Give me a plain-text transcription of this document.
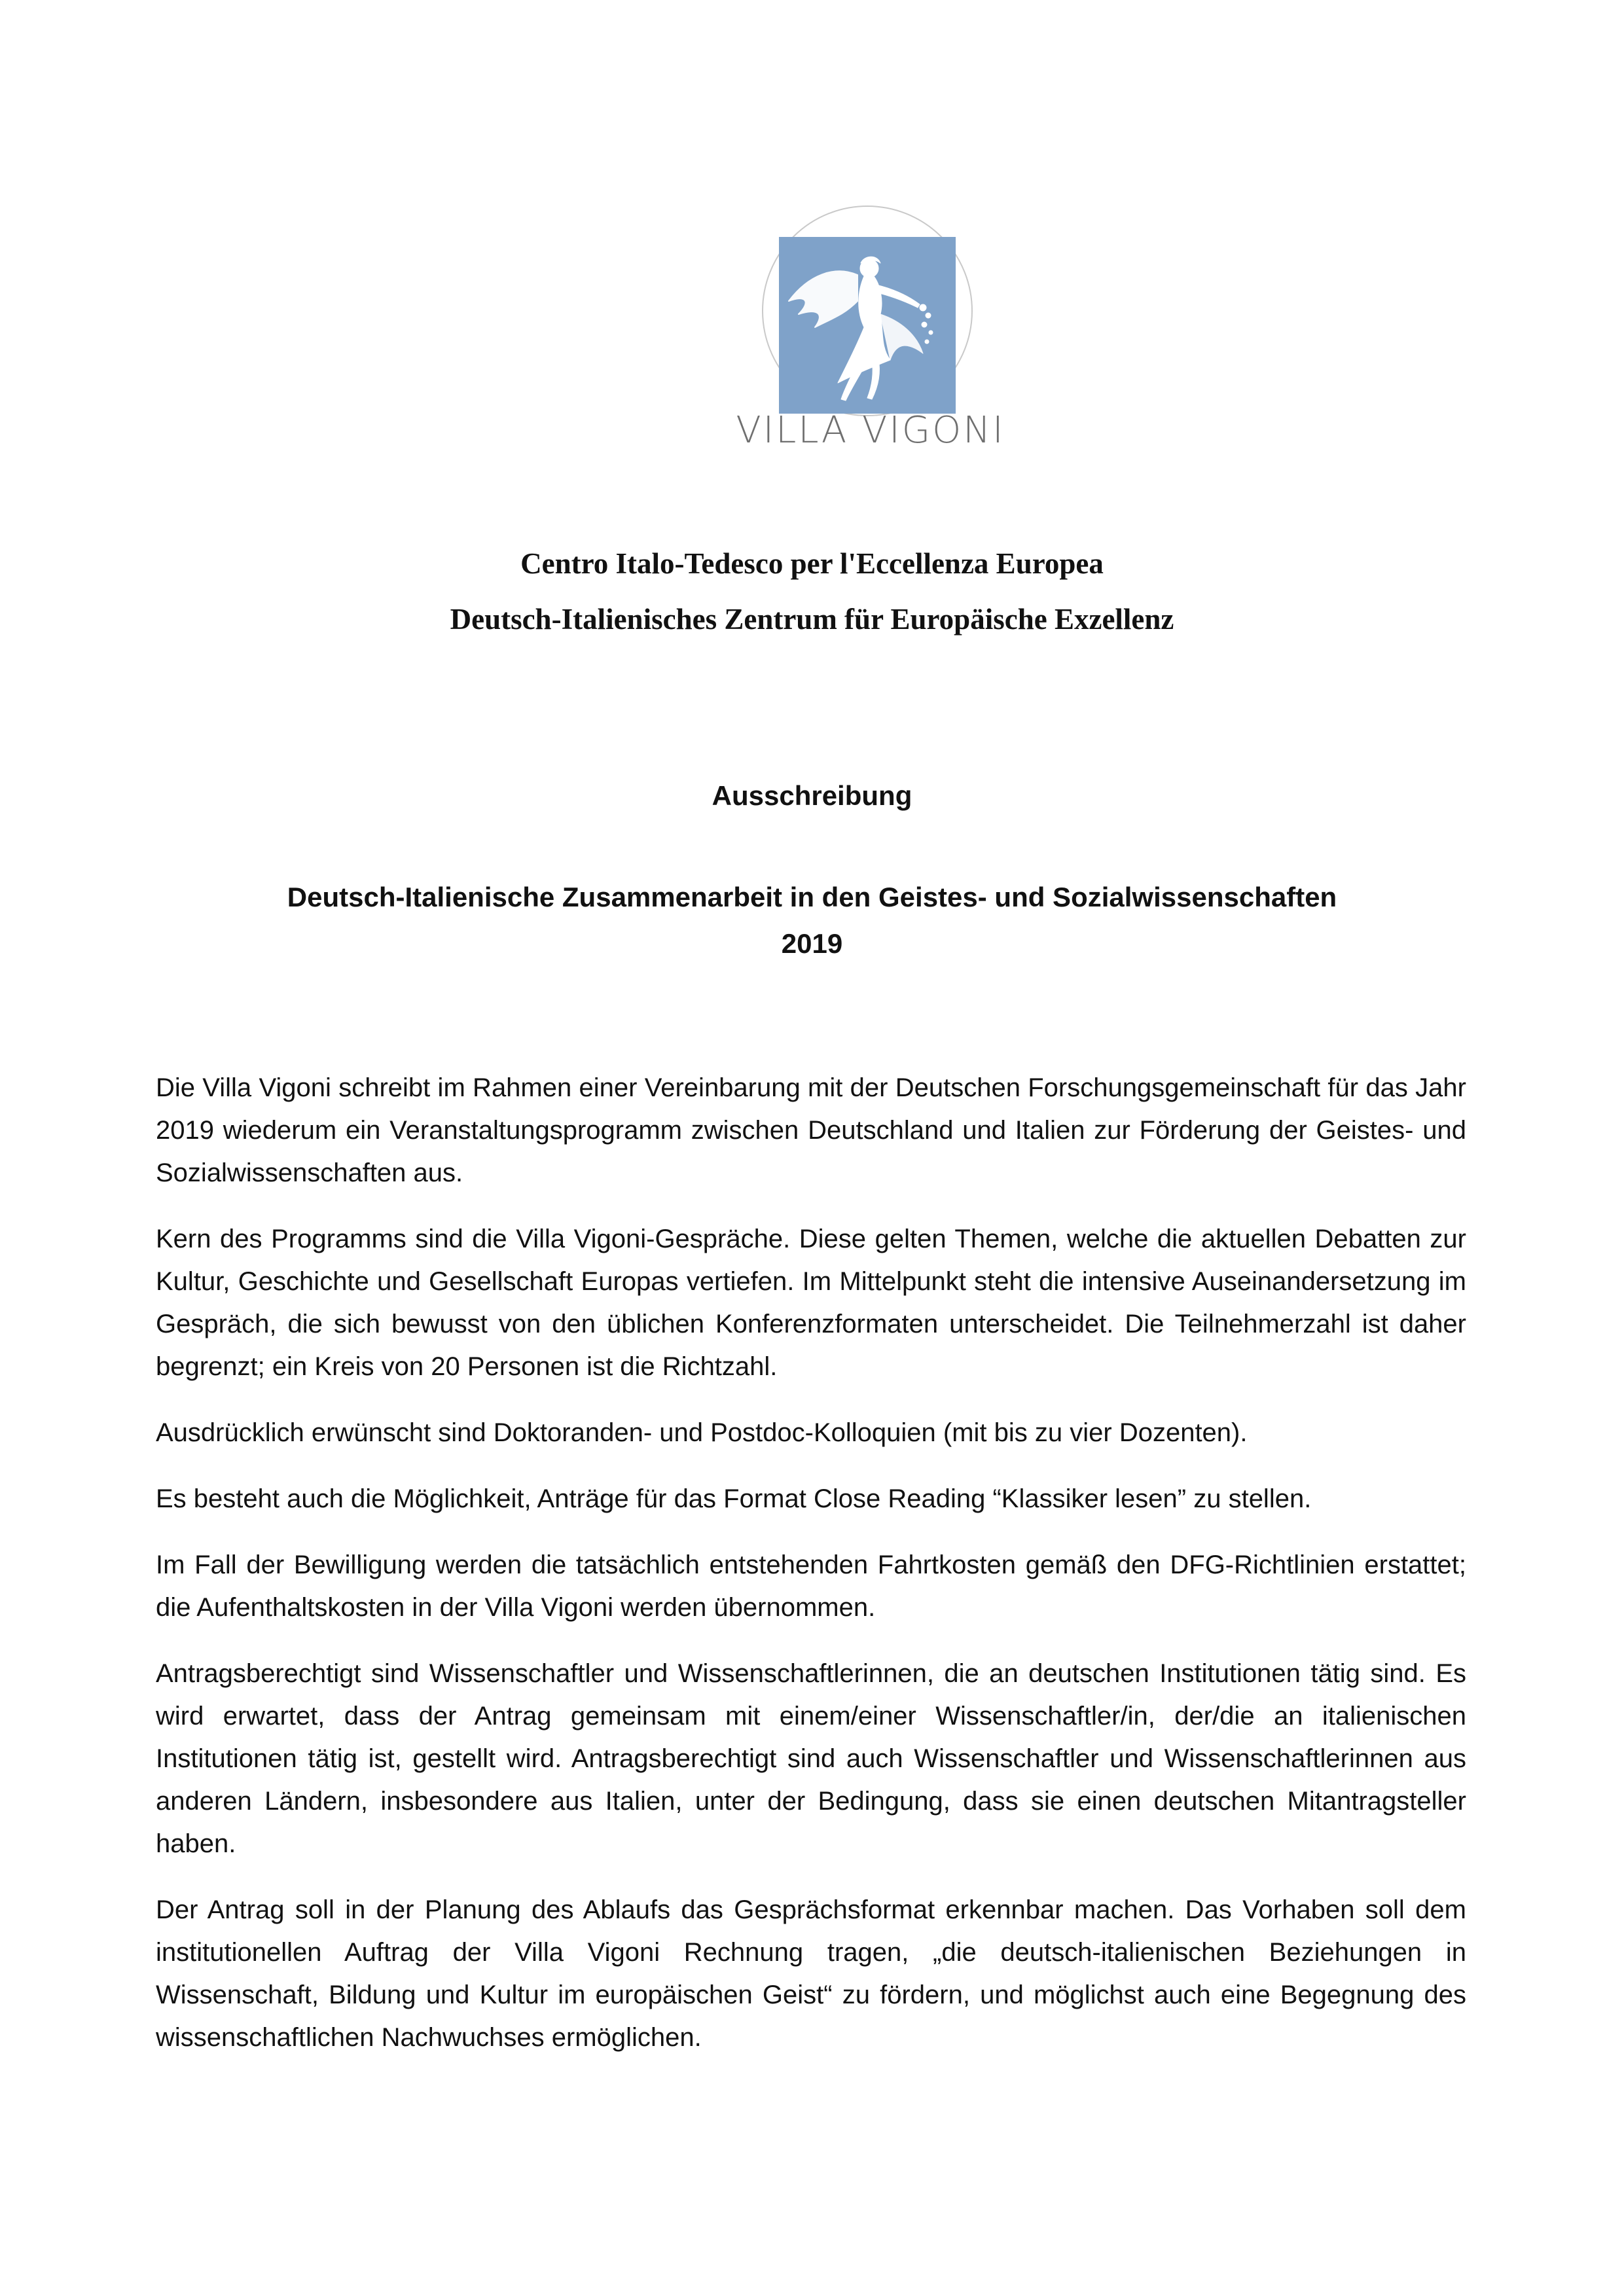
VILLA VIGONI
Centro Italo-Tedesco per l'Eccellenza Europea
Deutsch-Italienisches Zentrum für Europäische Exzellenz
Ausschreibung
Deutsch-Italienische Zusammenarbeit in den Geistes- und Sozialwissenschaften
2019

Die Villa Vigoni schreibt im Rahmen einer Vereinbarung mit der Deutschen Forschungsgemeinschaft für das Jahr 2019 wiederum ein Veranstaltungsprogramm zwischen Deutschland und Italien zur Förderung der Geistes- und Sozialwissenschaften aus.

Kern des Programms sind die Villa Vigoni-Gespräche. Diese gelten Themen, welche die aktuellen Debatten zur Kultur, Geschichte und Gesellschaft Europas vertiefen. Im Mittelpunkt steht die intensive Auseinandersetzung im Gespräch, die sich bewusst von den üblichen Konferenzformaten unterscheidet. Die Teilnehmerzahl ist daher begrenzt; ein Kreis von 20 Personen ist die Richtzahl.

Ausdrücklich erwünscht sind Doktoranden- und Postdoc-Kolloquien (mit bis zu vier Dozenten).

Es besteht auch die Möglichkeit, Anträge für das Format Close Reading “Klassiker lesen” zu stellen.

Im Fall der Bewilligung werden die tatsächlich entstehenden Fahrtkosten gemäß den DFG-Richtlinien erstattet; die Aufenthaltskosten in der Villa Vigoni werden übernommen.

Antragsberechtigt sind Wissenschaftler und Wissenschaftlerinnen, die an deutschen Institutionen tätig sind. Es wird erwartet, dass der Antrag gemeinsam mit einem/einer Wissenschaftler/in, der/die an italienischen Institutionen tätig ist, gestellt wird. Antragsberechtigt sind auch Wissenschaftler und Wissenschaftlerinnen aus anderen Ländern, insbesondere aus Italien, unter der Bedingung, dass sie einen deutschen Mitantragsteller haben.

Der Antrag soll in der Planung des Ablaufs das Gesprächsformat erkennbar machen. Das Vorhaben soll dem institutionellen Auftrag der Villa Vigoni Rechnung tragen, „die deutsch-italienischen Beziehungen in Wissenschaft, Bildung und Kultur im europäischen Geist“ zu fördern, und möglichst auch eine Begegnung des wissenschaftlichen Nachwuchses ermöglichen.
